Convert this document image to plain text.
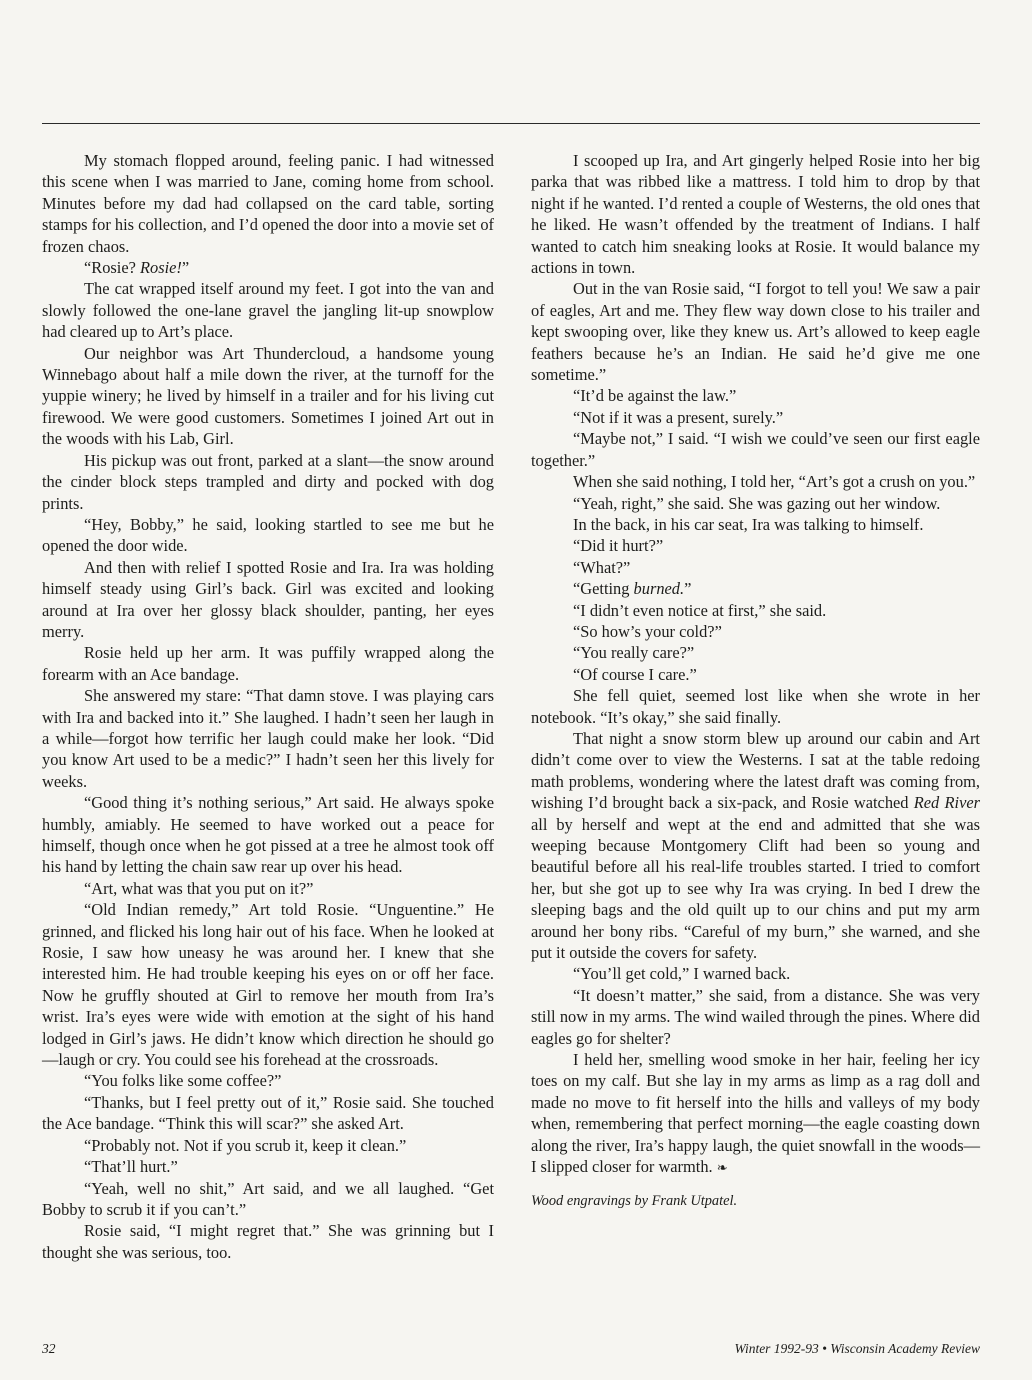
My stomach flopped around, feeling panic. I had witnessed this scene when I was married to Jane, coming home from school. Minutes before my dad had collapsed on the card table, sorting stamps for his collection, and I’d opened the door into a movie set of frozen chaos.

“Rosie? Rosie!”

The cat wrapped itself around my feet. I got into the van and slowly followed the one-lane gravel the jangling lit-up snowplow had cleared up to Art’s place.

Our neighbor was Art Thundercloud, a handsome young Winnebago about half a mile down the river, at the turnoff for the yuppie winery; he lived by himself in a trailer and for his living cut firewood. We were good customers. Sometimes I joined Art out in the woods with his Lab, Girl.

His pickup was out front, parked at a slant—the snow around the cinder block steps trampled and dirty and pocked with dog prints.

“Hey, Bobby,” he said, looking startled to see me but he opened the door wide.

And then with relief I spotted Rosie and Ira. Ira was holding himself steady using Girl’s back. Girl was excited and looking around at Ira over her glossy black shoulder, panting, her eyes merry.

Rosie held up her arm. It was puffily wrapped along the forearm with an Ace bandage.

She answered my stare: “That damn stove. I was playing cars with Ira and backed into it.” She laughed. I hadn’t seen her laugh in a while—forgot how terrific her laugh could make her look. “Did you know Art used to be a medic?” I hadn’t seen her this lively for weeks.

“Good thing it’s nothing serious,” Art said. He always spoke humbly, amiably. He seemed to have worked out a peace for himself, though once when he got pissed at a tree he almost took off his hand by letting the chain saw rear up over his head.

“Art, what was that you put on it?”

“Old Indian remedy,” Art told Rosie. “Unguentine.” He grinned, and flicked his long hair out of his face. When he looked at Rosie, I saw how uneasy he was around her. I knew that she interested him. He had trouble keeping his eyes on or off her face. Now he gruffly shouted at Girl to remove her mouth from Ira’s wrist. Ira’s eyes were wide with emotion at the sight of his hand lodged in Girl’s jaws. He didn’t know which direction he should go—laugh or cry. You could see his forehead at the crossroads.

“You folks like some coffee?”

“Thanks, but I feel pretty out of it,” Rosie said. She touched the Ace bandage. “Think this will scar?” she asked Art.

“Probably not. Not if you scrub it, keep it clean.”

“That’ll hurt.”

“Yeah, well no shit,” Art said, and we all laughed. “Get Bobby to scrub it if you can’t.”

Rosie said, “I might regret that.” She was grinning but I thought she was serious, too.

I scooped up Ira, and Art gingerly helped Rosie into her big parka that was ribbed like a mattress. I told him to drop by that night if he wanted. I’d rented a couple of Westerns, the old ones that he liked. He wasn’t offended by the treatment of Indians. I half wanted to catch him sneaking looks at Rosie. It would balance my actions in town.

Out in the van Rosie said, “I forgot to tell you! We saw a pair of eagles, Art and me. They flew way down close to his trailer and kept swooping over, like they knew us. Art’s allowed to keep eagle feathers because he’s an Indian. He said he’d give me one sometime.”

“It’d be against the law.”

“Not if it was a present, surely.”

“Maybe not,” I said. “I wish we could’ve seen our first eagle together.”

When she said nothing, I told her, “Art’s got a crush on you.”

“Yeah, right,” she said. She was gazing out her window.

In the back, in his car seat, Ira was talking to himself.

“Did it hurt?”

“What?”

“Getting burned.”

“I didn’t even notice at first,” she said.

“So how’s your cold?”

“You really care?”

“Of course I care.”

She fell quiet, seemed lost like when she wrote in her notebook. “It’s okay,” she said finally.

That night a snow storm blew up around our cabin and Art didn’t come over to view the Westerns. I sat at the table redoing math problems, wondering where the latest draft was coming from, wishing I’d brought back a six-pack, and Rosie watched Red River all by herself and wept at the end and admitted that she was weeping because Montgomery Clift had been so young and beautiful before all his real-life troubles started. I tried to comfort her, but she got up to see why Ira was crying. In bed I drew the sleeping bags and the old quilt up to our chins and put my arm around her bony ribs. “Careful of my burn,” she warned, and she put it outside the covers for safety.

“You’ll get cold,” I warned back.

“It doesn’t matter,” she said, from a distance. She was very still now in my arms. The wind wailed through the pines. Where did eagles go for shelter?

I held her, smelling wood smoke in her hair, feeling her icy toes on my calf. But she lay in my arms as limp as a rag doll and made no move to fit herself into the hills and valleys of my body when, remembering that perfect morning—the eagle coasting down along the river, Ira’s happy laugh, the quiet snowfall in the woods—I slipped closer for warmth. ❧

Wood engravings by Frank Utpatel.

32	Winter 1992-93 • Wisconsin Academy Review
